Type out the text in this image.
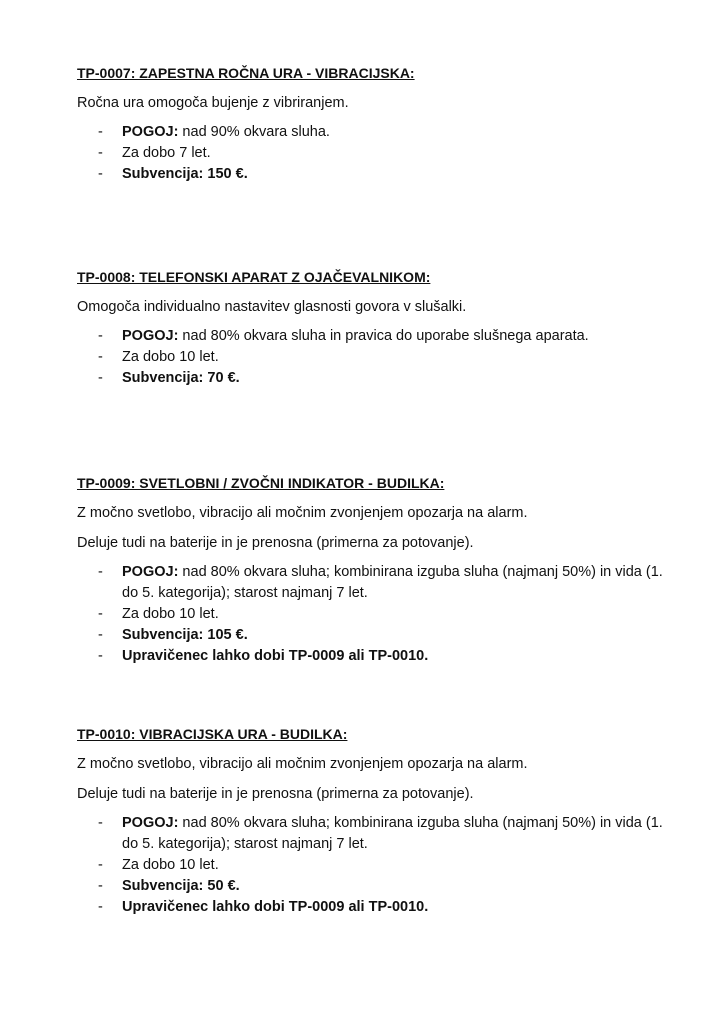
TP-0007: ZAPESTNA ROČNA URA - VIBRACIJSKA:

Ročna ura omogoča bujenje z vibriranjem.

- POGOJ: nad 90% okvara sluha.
- Za dobo 7 let.
- Subvencija: 150 €.

TP-0008: TELEFONSKI APARAT Z OJAČEVALNIKOM:

Omogoča individualno nastavitev glasnosti govora v slušalki.

- POGOJ: nad 80% okvara sluha in pravica do uporabe slušnega aparata.
- Za dobo 10 let.
- Subvencija: 70 €.

TP-0009: SVETLOBNI / ZVOČNI INDIKATOR - BUDILKA:

Z močno svetlobo, vibracijo ali močnim zvonjenjem opozarja na alarm.

Deluje tudi na baterije in je prenosna (primerna za potovanje).

- POGOJ: nad 80% okvara sluha; kombinirana izguba sluha (najmanj 50%) in vida (1. do 5. kategorija); starost najmanj 7 let.
- Za dobo 10 let.
- Subvencija: 105 €.
- Upravičenec lahko dobi TP-0009 ali TP-0010.

TP-0010: VIBRACIJSKA URA - BUDILKA:

Z močno svetlobo, vibracijo ali močnim zvonjenjem opozarja na alarm.

Deluje tudi na baterije in je prenosna (primerna za potovanje).

- POGOJ: nad 80% okvara sluha; kombinirana izguba sluha (najmanj 50%) in vida (1. do 5. kategorija); starost najmanj 7 let.
- Za dobo 10 let.
- Subvencija: 50 €.
- Upravičenec lahko dobi TP-0009 ali TP-0010.
